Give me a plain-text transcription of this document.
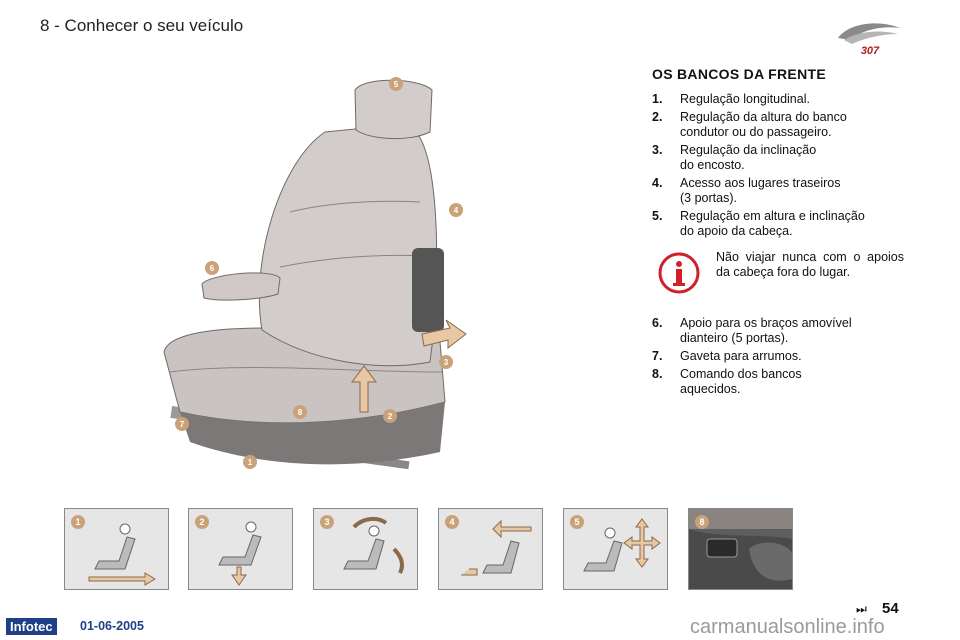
8 - Conhecer o seu veículo
307
5
4
6
3
8	2
7
1
OS BANCOS DA FRENTE
1.	Regulação longitudinal.
2.	Regulação da altura do banco
condutor ou do passageiro.
3.	Regulação da inclinação
do encosto.
4.	Acesso aos lugares traseiros
(3 portas).
5.	Regulação em altura e inclinação
do apoio da cabeça.
Não viajar nunca com o apoios da cabeça fora do lugar.
6.	Apoio para os braços amovível
dianteiro (5 portas).
7.	Gaveta para arrumos.
8.	Comando dos bancos
aquecidos.
1	2	3	4	5	8
⏭ 54
Infotec	01-06-2005	carmanualsonline.info
